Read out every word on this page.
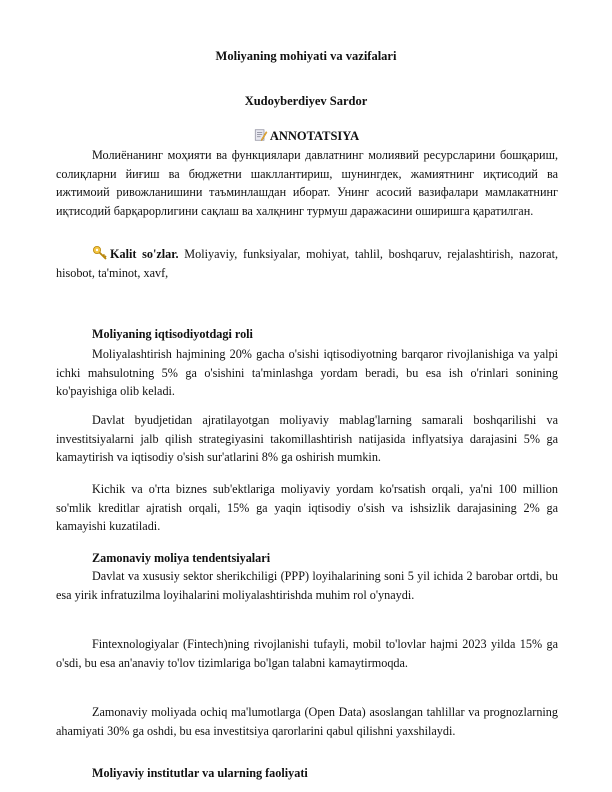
Moliyaning mohiyati va vazifalari
Xudoyberdiyev Sardor
ANNOTATSIYA
Молиёнанинг моҳияти ва функциялари давлатнинг молиявий ресурсларини бошқариш, солиқларни йиғиш ва бюджетни шакллантириш, шунингдек, жамиятнинг иқтисодий ва ижтимоий ривожланишини таъминлашдан иборат. Унинг асосий вазифалари мамлакатнинг иқтисодий барқарорлигини сақлаш ва халқнинг турмуш даражасини оширишга қаратилган.
Kalit so'zlar. Moliyaviy, funksiyalar, mohiyat, tahlil, boshqaruv, rejalashtirish, nazorat, hisobot, ta'minot, xavf,
Moliyaning iqtisodiyotdagi roli
Moliyalashtirish hajmining 20% gacha o'sishi iqtisodiyotning barqaror rivojlanishiga va yalpi ichki mahsulotning 5% ga o'sishini ta'minlashga yordam beradi, bu esa ish o'rinlari sonining ko'payishiga olib keladi.
Davlat byudjetidan ajratilayotgan moliyaviy mablag'larning samarali boshqarilishi va investitsiyalarni jalb qilish strategiyasini takomillashtirish natijasida inflyatsiya darajasini 5% ga kamaytirish va iqtisodiy o'sish sur'atlarini 8% ga oshirish mumkin.
Kichik va o'rta biznes sub'ektlariga moliyaviy yordam ko'rsatish orqali, ya'ni 100 million so'mlik kreditlar ajratish orqali, 15% ga yaqin iqtisodiy o'sish va ishsizlik darajasining 2% ga kamayishi kuzatiladi.
Zamonaviy moliya tendentsiyalari
Davlat va xususiy sektor sherikchiligi (PPP) loyihalarining soni 5 yil ichida 2 barobar ortdi, bu esa yirik infratuzilma loyihalarini moliyalashtirishda muhim rol o'ynaydi.
Fintexnologiyalar (Fintech)ning rivojlanishi tufayli, mobil to'lovlar hajmi 2023 yilda 15% ga o'sdi, bu esa an'anaviy to'lov tizimlariga bo'lgan talabni kamaytirmoqda.
Zamonaviy moliyada ochiq ma'lumotlarga (Open Data) asoslangan tahlillar va prognozlarning ahamiyati 30% ga oshdi, bu esa investitsiya qarorlarini qabul qilishni yaxshilaydi.
Moliyaviy institutlar va ularning faoliyati
